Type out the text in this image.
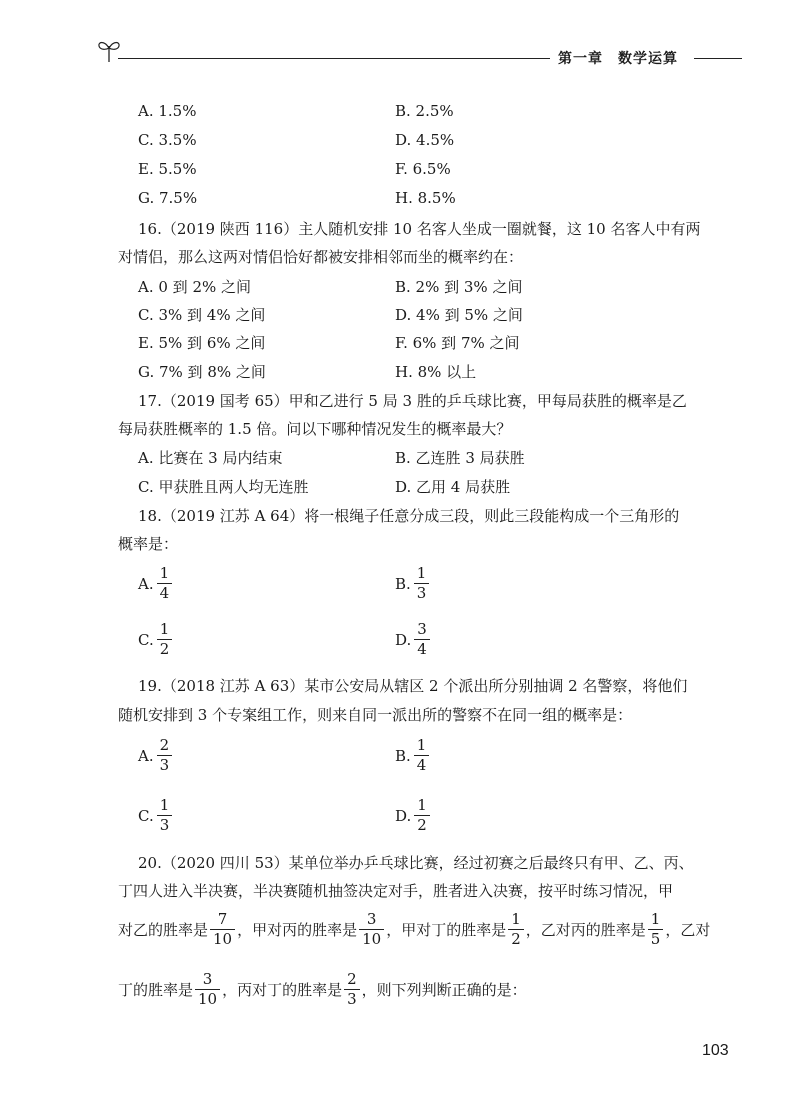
第一章　数学运算
A. 1.5%	B. 2.5%
C. 3.5%	D. 4.5%
E. 5.5%	F. 6.5%
G. 7.5%	H. 8.5%
16.（2019 陕西 116）主人随机安排 10 名客人坐成一圈就餐，这 10 名客人中有两
对情侣，那么这两对情侣恰好都被安排相邻而坐的概率约在：
A. 0 到 2% 之间	B. 2% 到 3% 之间
C. 3% 到 4% 之间	D. 4% 到 5% 之间
E. 5% 到 6% 之间	F. 6% 到 7% 之间
G. 7% 到 8% 之间	H. 8% 以上
17.（2019 国考 65）甲和乙进行 5 局 3 胜的乒乓球比赛，甲每局获胜的概率是乙
每局获胜概率的 1.5 倍。问以下哪种情况发生的概率最大？
A. 比赛在 3 局内结束	B. 乙连胜 3 局获胜
C. 甲获胜且两人均无连胜	D. 乙用 4 局获胜
18.（2019 江苏 A 64）将一根绳子任意分成三段，则此三段能构成一个三角形的
概率是：
A. $\frac{1}{4}$	B. $\frac{1}{3}$
C. $\frac{1}{2}$	D. $\frac{3}{4}$
19.（2018 江苏 A 63）某市公安局从辖区 2 个派出所分别抽调 2 名警察，将他们
随机安排到 3 个专案组工作，则来自同一派出所的警察不在同一组的概率是：
A. $\frac{2}{3}$	B. $\frac{1}{4}$
C. $\frac{1}{3}$	D. $\frac{1}{2}$
20.（2020 四川 53）某单位举办乒乓球比赛，经过初赛之后最终只有甲、乙、丙、
丁四人进入半决赛，半决赛随机抽签决定对手，胜者进入决赛，按平时练习情况，甲
对乙的胜率是 $\frac{7}{10}$ ，甲对丙的胜率是 $\frac{3}{10}$ ，甲对丁的胜率是 $\frac{1}{2}$ ，乙对丙的胜率是 $\frac{1}{5}$ ，乙对
丁的胜率是 $\frac{3}{10}$ ，丙对丁的胜率是 $\frac{2}{3}$ ，则下列判断正确的是：
103
